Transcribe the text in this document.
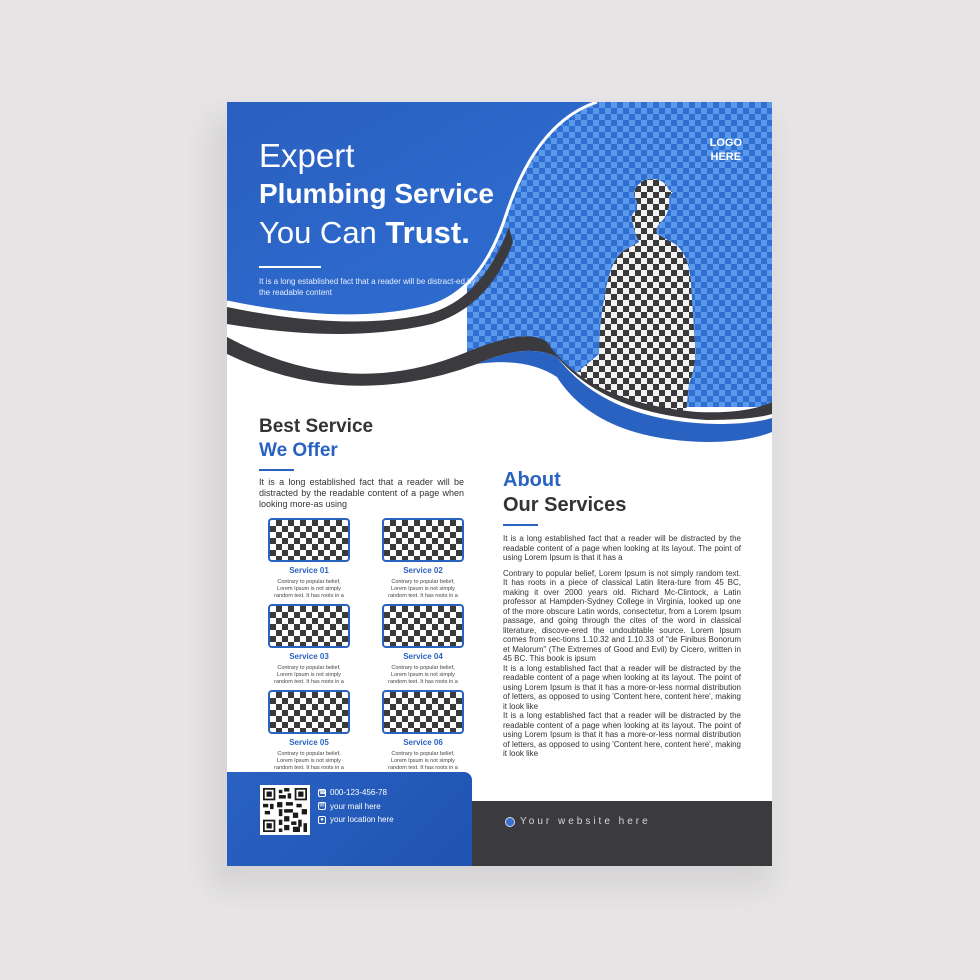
Expert
Plumbing Service
You Can Trust.
It is a long established fact that a reader will be distract-ed by the readable content
LOGO
HERE
Best Service
We Offer
It is a long established fact that a reader will be distracted by the readable content of a page when looking more-as using
Service 01
Contrary to popular belief, Lorem Ipsum is not simply random text. It has roots in a
Service 02
Contrary to popular belief, Lorem Ipsum is not simply random text. It has roots in a
Service 03
Contrary to popular belief, Lorem Ipsum is not simply random text. It has roots in a
Service 04
Contrary to popular belief, Lorem Ipsum is not simply random text. It has roots in a
Service 05
Contrary to popular belief, Lorem Ipsum is not simply random text. It has roots in a
Service 06
Contrary to popular belief, Lorem Ipsum is not simply random text. It has roots in a
About
Our Services
It is a long established fact that a reader will be distracted by the readable content of a page when looking at its layout. The point of using Lorem Ipsum is that it has a
Contrary to popular belief, Lorem Ipsum is not simply random text. It has roots in a piece of classical Latin litera-ture from 45 BC, making it over 2000 years old. Richard Mc-Clintock, a Latin professor at Hampden-Sydney College in Virginia, looked up one of the more obscure Latin words, consectetur, from a Lorem Ipsum passage, and going through the cites of the word in classical literature, discove-ered the undoubtable source. Lorem Ipsum comes from sec-tions 1.10.32 and 1.10.33 of "de Finibus Bonorum et Malorum" (The Extremes of Good and Evil) by Cicero, written in 45 BC. This book is ipsum
It is a long established fact that a reader will be distracted by the readable content of a page when looking at its layout. The point of using Lorem Ipsum is that it has a more-or-less normal distribution of letters, as opposed to using 'Content here, content here', making it look like
It is a long established fact that a reader will be distracted by the readable content of a page when looking at its layout. The point of using Lorem Ipsum is that it has a more-or-less normal distribution of letters, as opposed to using 'Content here, content here', making it look like
☎ 000-123-456-78
✉ your mail here
● your location here	Your website here
